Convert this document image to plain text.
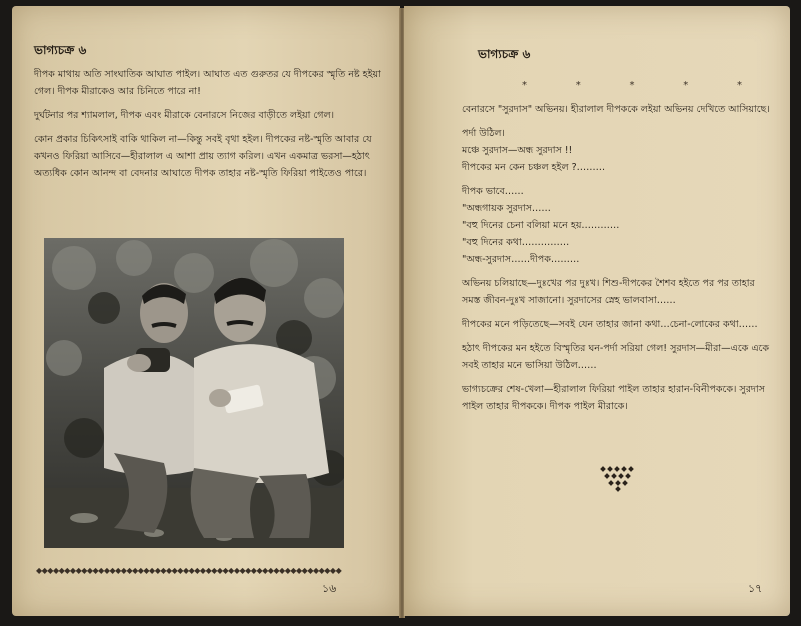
ভাগ্যচক্র ৬

দীপক মাথায় অতি সাংঘাতিক আঘাত পাইল। আঘাত এত গুরুতর যে দীপকের স্মৃতি নষ্ট হইয়া গেল। দীপক মীরাকেও আর চিনিতে পারে না!

দুর্ঘটনার পর শ্যামলাল, দীপক এবং মীরাকে বেনারসে নিজের বাড়ীতে লইয়া গেল।

কোন প্রকার চিকিৎসাই বাকি থাকিল না—কিন্তু সবই বৃথা হইল। দীপকের নষ্ট-স্মৃতি আবার যে কখনও ফিরিয়া আসিবে—হীরালাল এ আশা প্রায় ত্যাগ করিল। এখন একমাত্র ভরসা—হঠাৎ অত্যধিক কোন আনন্দ বা বেদনার আঘাতে দীপক তাহার নষ্ট-স্মৃতি ফিরিয়া পাইতেও পারে।

◆◆◆◆◆◆◆◆◆◆◆◆◆◆◆◆◆◆◆◆◆◆◆◆◆◆◆◆◆◆◆◆◆◆◆◆◆◆◆◆◆◆◆◆◆◆◆◆◆◆◆◆◆◆
১৬
ভাগ্যচক্র ৬
*	*	*	*	*

বেনারসে "সুরদাস" অভিনয়। হীরালাল দীপককে লইয়া অভিনয় দেখিতে আসিয়াছে।

পর্দা উঠিল।

মঞ্চে সুরদাস—অন্ধ সুরদাস !!

দীপকের মন কেন চঞ্চল হইল ?………

দীপক ভাবে……

"অন্ধগায়ক সুরদাস……

"বহু দিনের চেনা বলিয়া মনে হয়…………

"বহু দিনের কথা……………

"অন্ধ-সুরদাস……দীপক………

অভিনয় চলিয়াছে—দুঃখের পর দুঃখ। শিশু-দীপকের শৈশব হইতে পর পর তাহার সমস্ত জীবন-দুঃখ সাজানো। সুরদাসের স্নেহ ভালবাসা……

দীপকের মনে পড়িতেছে—সবই যেন তাহার জানা কথা…চেনা-লোকের কথা……

হঠাৎ দীপকের মন হইতে বিস্মৃতির ঘন-পর্দা সরিয়া গেল! সুরদাস—মীরা—একে একে সবই তাহার মনে ভাসিয়া উঠিল……

ভাগ্যচক্রের শেষ-খেলা—হীরালাল ফিরিয়া পাইল তাহার হারান-বিনীপককে। সুরদাস পাইল তাহার দীপককে। দীপক পাইল মীরাকে।

১৭
